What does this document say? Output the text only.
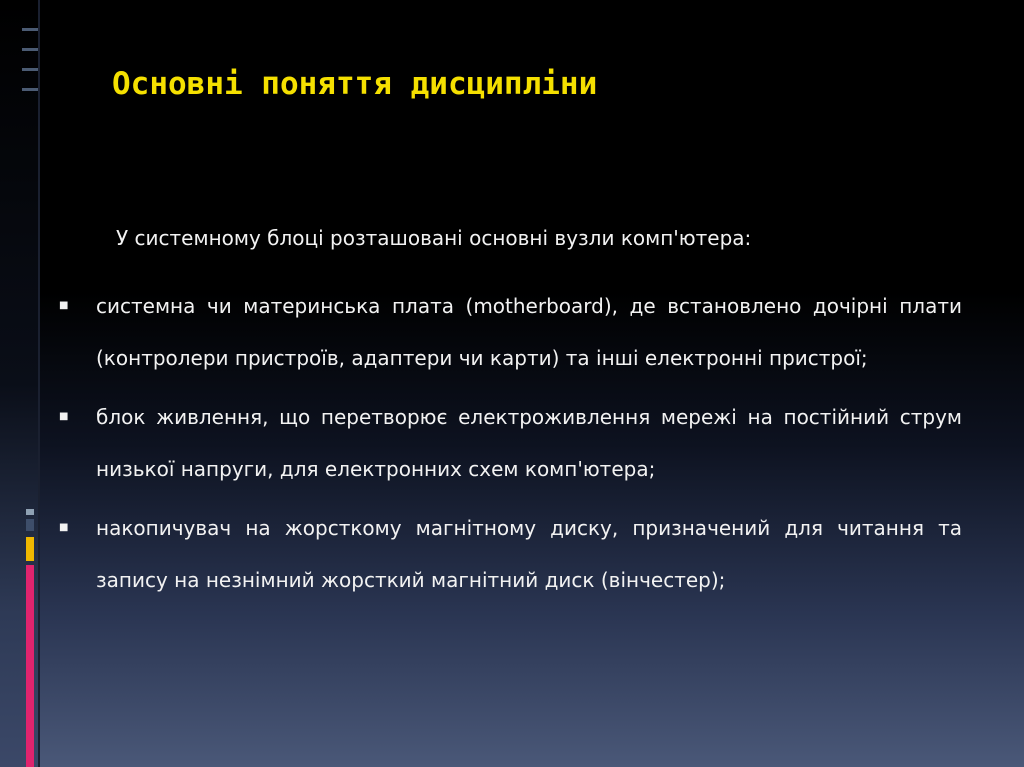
Основні поняття дисципліни

У системному блоці розташовані основні вузли комп'ютера:

■ системна чи материнська плата (motherboard), де встановлено дочірні плати (контролери пристроїв, адаптери чи карти) та інші електронні пристрої;
■ блок живлення, що перетворює електроживлення мережі на постійний струм низької напруги, для електронних схем комп'ютера;
■ накопичувач на жорсткому магнітному диску, призначений для читання та запису на незнімний жорсткий магнітний диск (вінчестер);
